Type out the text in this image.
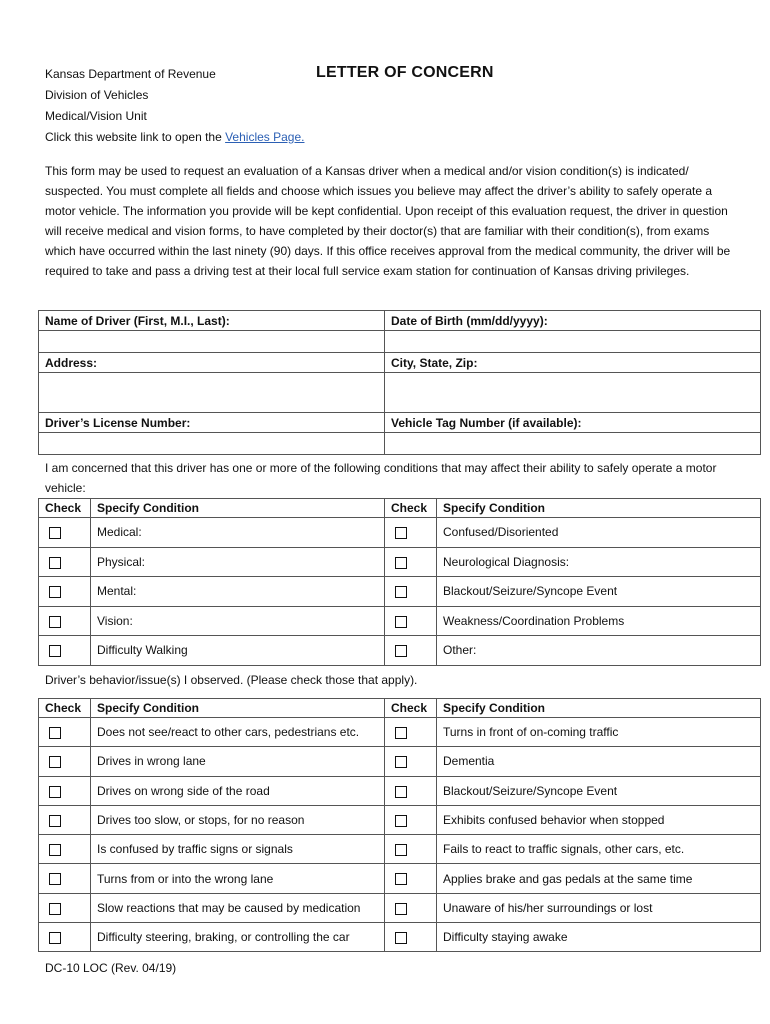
Kansas Department of Revenue
Division of Vehicles
Medical/Vision Unit
Click this website link to open the Vehicles Page.
LETTER OF CONCERN

This form may be used to request an evaluation of a Kansas driver when a medical and/or vision condition(s) is indicated/ suspected. You must complete all fields and choose which issues you believe may affect the driver’s ability to safely operate a motor vehicle. The information you provide will be kept confidential. Upon receipt of this evaluation request, the driver in question will receive medical and vision forms, to have completed by their doctor(s) that are familiar with their condition(s), from exams which have occurred within the last ninety (90) days. If this office receives approval from the medical community, the driver will be required to take and pass a driving test at their local full service exam station for continuation of Kansas driving privileges.

Name of Driver (First, M.I., Last):	Date of Birth (mm/dd/yyyy):

Address:	City, State, Zip:

Driver’s License Number:	Vehicle Tag Number (if available):

I am concerned that this driver has one or more of the following conditions that may affect their ability to safely operate a motor vehicle:
Check	Specify Condition	Check	Specify Condition
	Medical:		Confused/Disoriented
	Physical:		Neurological Diagnosis:
	Mental:		Blackout/Seizure/Syncope Event
	Vision:		Weakness/Coordination Problems
	Difficulty Walking		Other:
Driver’s behavior/issue(s) I observed. (Please check those that apply).
Check	Specify Condition	Check	Specify Condition
	Does not see/react to other cars, pedestrians etc.		Turns in front of on-coming traffic
	Drives in wrong lane		Dementia
	Drives on wrong side of the road		Blackout/Seizure/Syncope Event
	Drives too slow, or stops, for no reason		Exhibits confused behavior when stopped
	Is confused by traffic signs or signals		Fails to react to traffic signals, other cars, etc.
	Turns from or into the wrong lane		Applies brake and gas pedals at the same time
	Slow reactions that may be caused by medication		Unaware of his/her surroundings or lost
	Difficulty steering, braking, or controlling the car		Difficulty staying awake
DC-10 LOC (Rev. 04/19)
